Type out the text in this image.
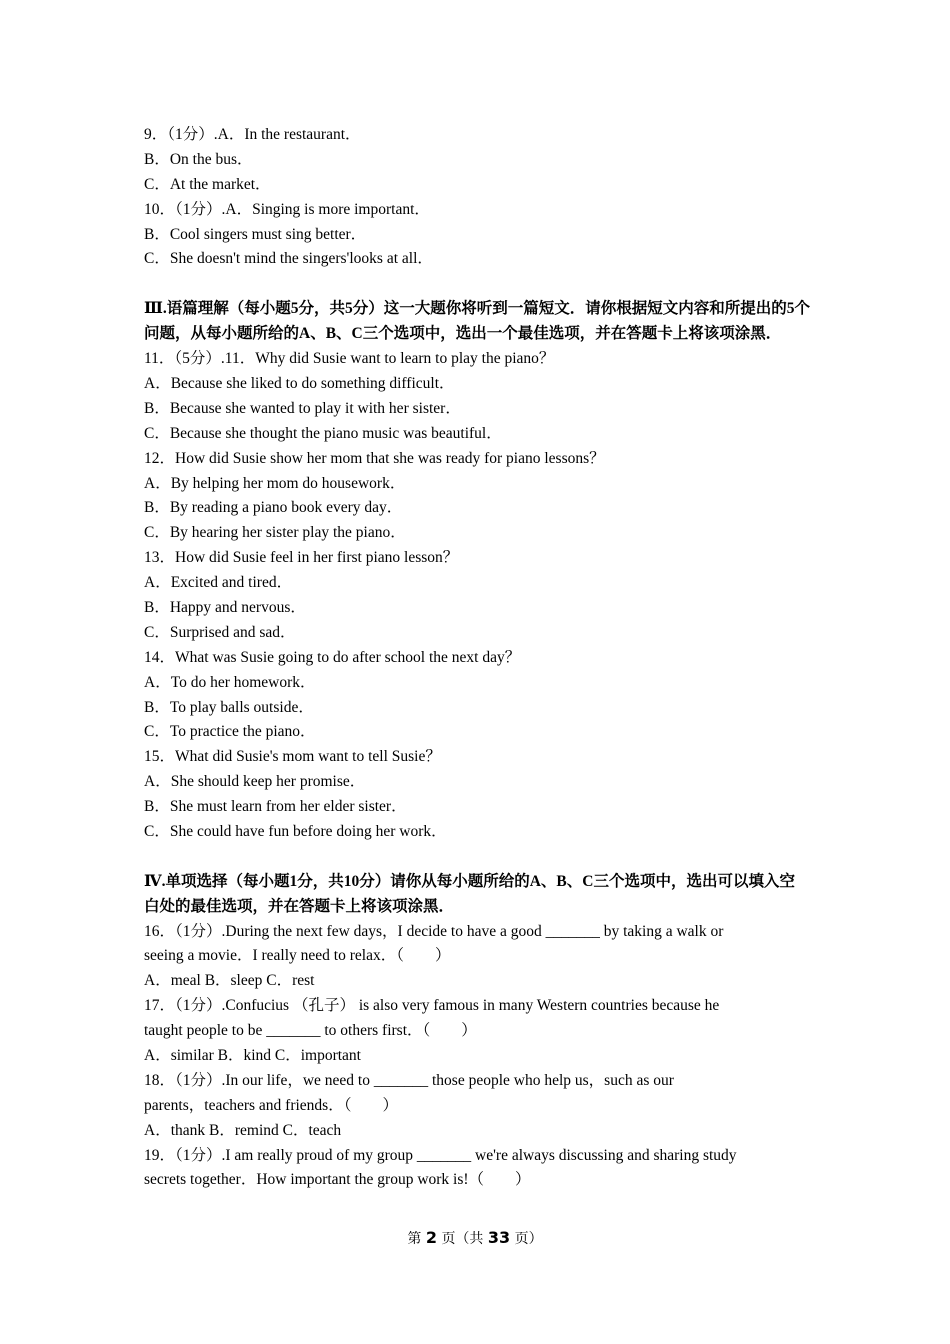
9．（1分）.A．In the restaurant．
B．On the bus．
C．At the market．
10．（1分）.A．Singing is more important．
B．Cool singers must sing better．
C．She doesn't mind the singers'looks at all．
Ⅲ.语篇理解（每小题5分，共5分）这一大题你将听到一篇短文．请你根据短文内容和所提出的5个问题，从每小题所给的A、B、C三个选项中，选出一个最佳选项，并在答题卡上将该项涂黑．
11．（5分）.11．Why did Susie want to learn to play the piano？
A．Because she liked to do something difficult．
B．Because she wanted to play it with her sister．
C．Because she thought the piano music was beautiful．
12．How did Susie show her mom that she was ready for piano lessons？
A．By helping her mom do housework．
B．By reading a piano book every day．
C．By hearing her sister play the piano．
13．How did Susie feel in her first piano lesson？
A．Excited and tired．
B．Happy and nervous．
C．Surprised and sad．
14．What was Susie going to do after school the next day？
A．To do her homework．
B．To play balls outside．
C．To practice the piano．
15．What did Susie's mom want to tell Susie？
A．She should keep her promise．
B．She must learn from her elder sister．
C．She could have fun before doing her work．
Ⅳ.单项选择（每小题1分，共10分）请你从每小题所给的A、B、C三个选项中，选出可以填入空白处的最佳选项，并在答题卡上将该项涂黑．
16．（1分）.During the next few days，I decide to have a good _______ by taking a walk or
seeing a movie．I really need to relax．（　　）
A．meal B．sleep C．rest
17．（1分）.Confucius （孔子） is also very famous in many Western countries because he
taught people to be _______ to others first．（　　）
A．similar B．kind C．important
18．（1分）.In our life，we need to _______ those people who help us，such as our
parents，teachers and friends．（　　）
A．thank B．remind C．teach
19．（1分）.I am really proud of my group _______ we're always discussing and sharing study
secrets together．How important the group work is!（　　）
第 2 页（共 33 页）
